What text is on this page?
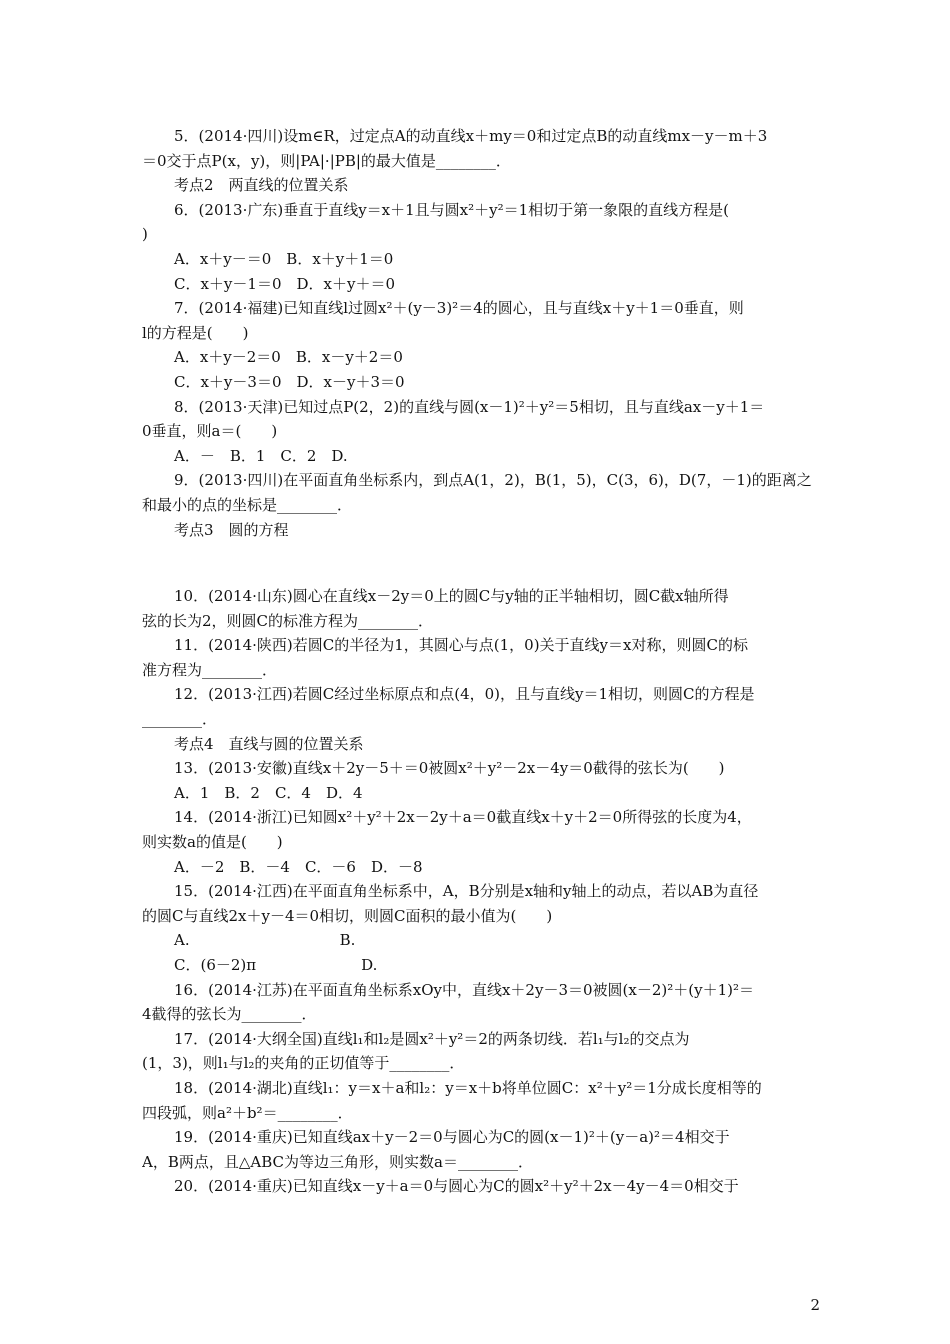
5．(2014·四川)设m∈R，过定点A的动直线x＋my＝0和过定点B的动直线mx－y－m＋3
＝0交于点P(x，y)，则|PA|·|PB|的最大值是________．
考点2　两直线的位置关系
6．(2013·广东)垂直于直线y＝x＋1且与圆x²＋y²＝1相切于第一象限的直线方程是(
)
A．x＋y－＝0　B．x＋y＋1＝0
C．x＋y－1＝0　D．x＋y＋＝0
7．(2014·福建)已知直线l过圆x²＋(y－3)²＝4的圆心，且与直线x＋y＋1＝0垂直，则
l的方程是(　　)
A．x＋y－2＝0　B．x－y＋2＝0
C．x＋y－3＝0　D．x－y＋3＝0
8．(2013·天津)已知过点P(2，2)的直线与圆(x－1)²＋y²＝5相切，且与直线ax－y＋1＝
0垂直，则a＝(　　)
A．－　B．1　C．2　D.
9．(2013·四川)在平面直角坐标系内，到点A(1，2)，B(1，5)，C(3，6)，D(7，－1)的距离之
和最小的点的坐标是________．
考点3　圆的方程
10．(2014·山东)圆心在直线x－2y＝0上的圆C与y轴的正半轴相切，圆C截x轴所得
弦的长为2，则圆C的标准方程为________．
11．(2014·陕西)若圆C的半径为1，其圆心与点(1，0)关于直线y＝x对称，则圆C的标
准方程为________．
12．(2013·江西)若圆C经过坐标原点和点(4，0)，且与直线y＝1相切，则圆C的方程是
________．
考点4　直线与圆的位置关系
13．(2013·安徽)直线x＋2y－5＋＝0被圆x²＋y²－2x－4y＝0截得的弦长为(　　)
A．1　B．2　C．4　D．4
14．(2014·浙江)已知圆x²＋y²＋2x－2y＋a＝0截直线x＋y＋2＝0所得弦的长度为4，
则实数a的值是(　　)
A．－2　B．－4　C．－6　D．－8
15．(2014·江西)在平面直角坐标系中，A，B分别是x轴和y轴上的动点，若以AB为直径
的圆C与直线2x＋y－4＝0相切，则圆C面积的最小值为(　　)
A.　　　　　　　　　　B.
C．(6－2)π　　　　　　　D.
16．(2014·江苏)在平面直角坐标系xOy中，直线x＋2y－3＝0被圆(x－2)²＋(y＋1)²＝
4截得的弦长为________．
17．(2014·大纲全国)直线l₁和l₂是圆x²＋y²＝2的两条切线．若l₁与l₂的交点为
(1，3)，则l₁与l₂的夹角的正切值等于________．
18．(2014·湖北)直线l₁：y＝x＋a和l₂：y＝x＋b将单位圆C：x²＋y²＝1分成长度相等的
四段弧，则a²＋b²＝________．
19．(2014·重庆)已知直线ax＋y－2＝0与圆心为C的圆(x－1)²＋(y－a)²＝4相交于
A，B两点，且△ABC为等边三角形，则实数a＝________．
20．(2014·重庆)已知直线x－y＋a＝0与圆心为C的圆x²＋y²＋2x－4y－4＝0相交于
2
